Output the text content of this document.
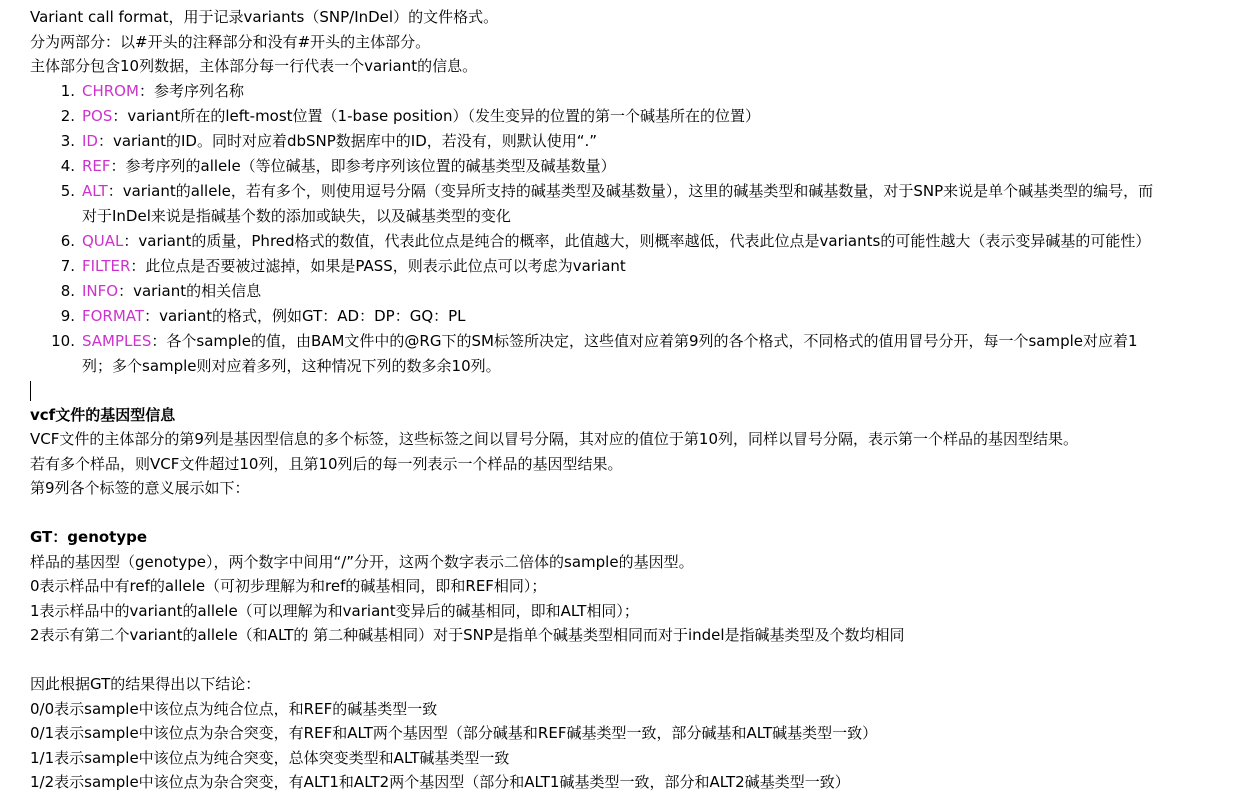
Variant call format，用于记录variants（SNP/InDel）的文件格式。
分为两部分：以#开头的注释部分和没有#开头的主体部分。
主体部分包含10列数据，主体部分每一行代表一个variant的信息。
1. CHROM：参考序列名称
2. POS：variant所在的left-most位置（1-base position）（发生变异的位置的第一个碱基所在的位置）
3. ID：variant的ID。同时对应着dbSNP数据库中的ID，若没有，则默认使用“.”
4. REF：参考序列的allele（等位碱基，即参考序列该位置的碱基类型及碱基数量）
5. ALT：variant的allele，若有多个，则使用逗号分隔（变异所支持的碱基类型及碱基数量），这里的碱基类型和碱基数量，对于SNP来说是单个碱基类型的编号，而
对于InDel来说是指碱基个数的添加或缺失，以及碱基类型的变化
6. QUAL：variant的质量，Phred格式的数值，代表此位点是纯合的概率，此值越大，则概率越低，代表此位点是variants的可能性越大（表示变异碱基的可能性）
7. FILTER：此位点是否要被过滤掉，如果是PASS，则表示此位点可以考虑为variant
8. INFO：variant的相关信息
9. FORMAT：variant的格式，例如GT：AD：DP：GQ：PL
10. SAMPLES：各个sample的值，由BAM文件中的@RG下的SM标签所决定，这些值对应着第9列的各个格式，不同格式的值用冒号分开，每一个sample对应着1
列；多个sample则对应着多列，这种情况下列的数多余10列。
vcf文件的基因型信息
VCF文件的主体部分的第9列是基因型信息的多个标签，这些标签之间以冒号分隔，其对应的值位于第10列，同样以冒号分隔，表示第一个样品的基因型结果。
若有多个样品，则VCF文件超过10列，且第10列后的每一列表示一个样品的基因型结果。
第9列各个标签的意义展示如下：
GT：genotype
样品的基因型（genotype），两个数字中间用“/”分开，这两个数字表示二倍体的sample的基因型。
0表示样品中有ref的allele（可初步理解为和ref的碱基相同，即和REF相同）；
1表示样品中的variant的allele（可以理解为和variant变异后的碱基相同，即和ALT相同）；
2表示有第二个variant的allele（和ALT的 第二种碱基相同）对于SNP是指单个碱基类型相同而对于indel是指碱基类型及个数均相同
因此根据GT的结果得出以下结论：
0/0表示sample中该位点为纯合位点，和REF的碱基类型一致
0/1表示sample中该位点为杂合突变，有REF和ALT两个基因型（部分碱基和REF碱基类型一致，部分碱基和ALT碱基类型一致）
1/1表示sample中该位点为纯合突变，总体突变类型和ALT碱基类型一致
1/2表示sample中该位点为杂合突变，有ALT1和ALT2两个基因型（部分和ALT1碱基类型一致，部分和ALT2碱基类型一致）
